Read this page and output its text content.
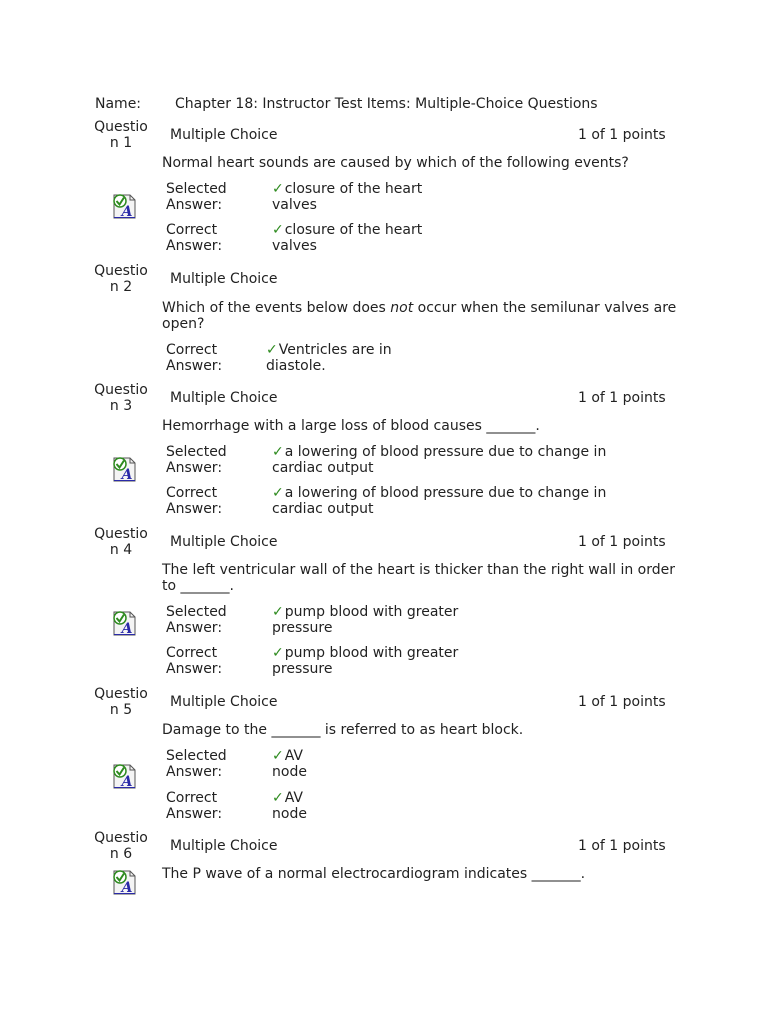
Name: Chapter 18: Instructor Test Items: Multiple-Choice Questions
Question 1	Multiple Choice	1 of 1 points
Normal heart sounds are caused by which of the following events?
A
Selected Answer:
✓closure of the heart valves
Correct Answer:
✓closure of the heart valves
Question 2	Multiple Choice
Which of the events below does not occur when the semilunar valves are open?
Correct Answer:
✓Ventricles are in diastole.
Question 3	Multiple Choice	1 of 1 points
Hemorrhage with a large loss of blood causes _______.
A
Selected Answer:
✓a lowering of blood pressure due to change in cardiac output
Correct Answer:
✓a lowering of blood pressure due to change in cardiac output
Question 4	Multiple Choice	1 of 1 points
The left ventricular wall of the heart is thicker than the right wall in order to _______.
A
Selected Answer:
✓pump blood with greater pressure
Correct Answer:
✓pump blood with greater pressure
Question 5	Multiple Choice	1 of 1 points
Damage to the _______ is referred to as heart block.
A
Selected Answer:
✓AV node
Correct Answer:
✓AV node
Question 6	Multiple Choice	1 of 1 points
The P wave of a normal electrocardiogram indicates _______.
A
